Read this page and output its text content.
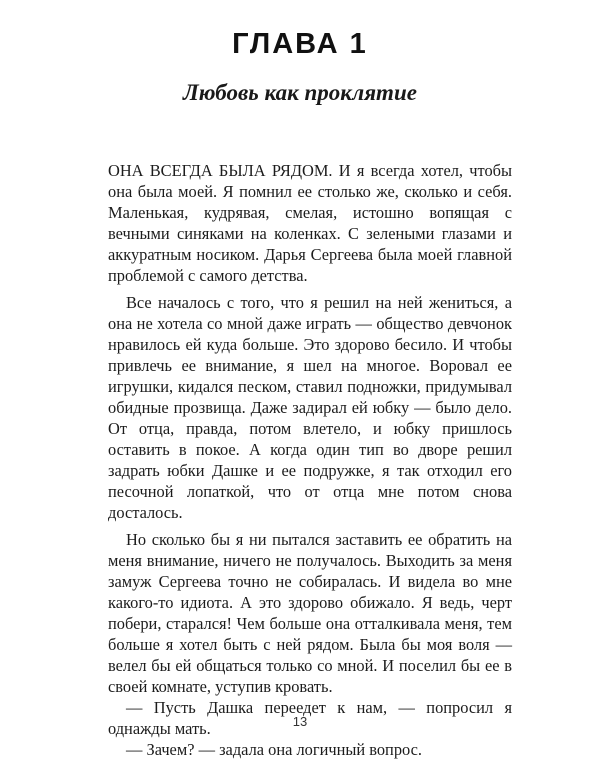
ГЛАВА 1
Любовь как проклятие

ОНА ВСЕГДА БЫЛА РЯДОМ. И я всегда хотел, чтобы она была моей. Я помнил ее столько же, сколько и себя. Маленькая, кудрявая, смелая, истошно вопящая с вечными синяками на коленках. С зелеными глазами и аккуратным носиком. Дарья Сергеева была моей главной проблемой с самого детства.

Все началось с того, что я решил на ней жениться, а она не хотела со мной даже играть — общество девчонок нравилось ей куда больше. Это здорово бесило. И чтобы привлечь ее внимание, я шел на многое. Воровал ее игрушки, кидался песком, ставил подножки, придумывал обидные прозвища. Даже задирал ей юбку — было дело. От отца, правда, потом влетело, и юбку пришлось оставить в покое. А когда один тип во дворе решил задрать юбки Дашке и ее подружке, я так отходил его песочной лопаткой, что от отца мне потом снова досталось.

Но сколько бы я ни пытался заставить ее обратить на меня внимание, ничего не получалось. Выходить за меня замуж Сергеева точно не собиралась. И видела во мне какого-то идиота. А это здорово обижало. Я ведь, черт побери, старался! Чем больше она отталкивала меня, тем больше я хотел быть с ней рядом. Была бы моя воля — велел бы ей общаться только со мной. И поселил бы ее в своей комнате, уступив кровать.

— Пусть Дашка переедет к нам, — попросил я однажды мать.

— Зачем? — задала она логичный вопрос.

13
